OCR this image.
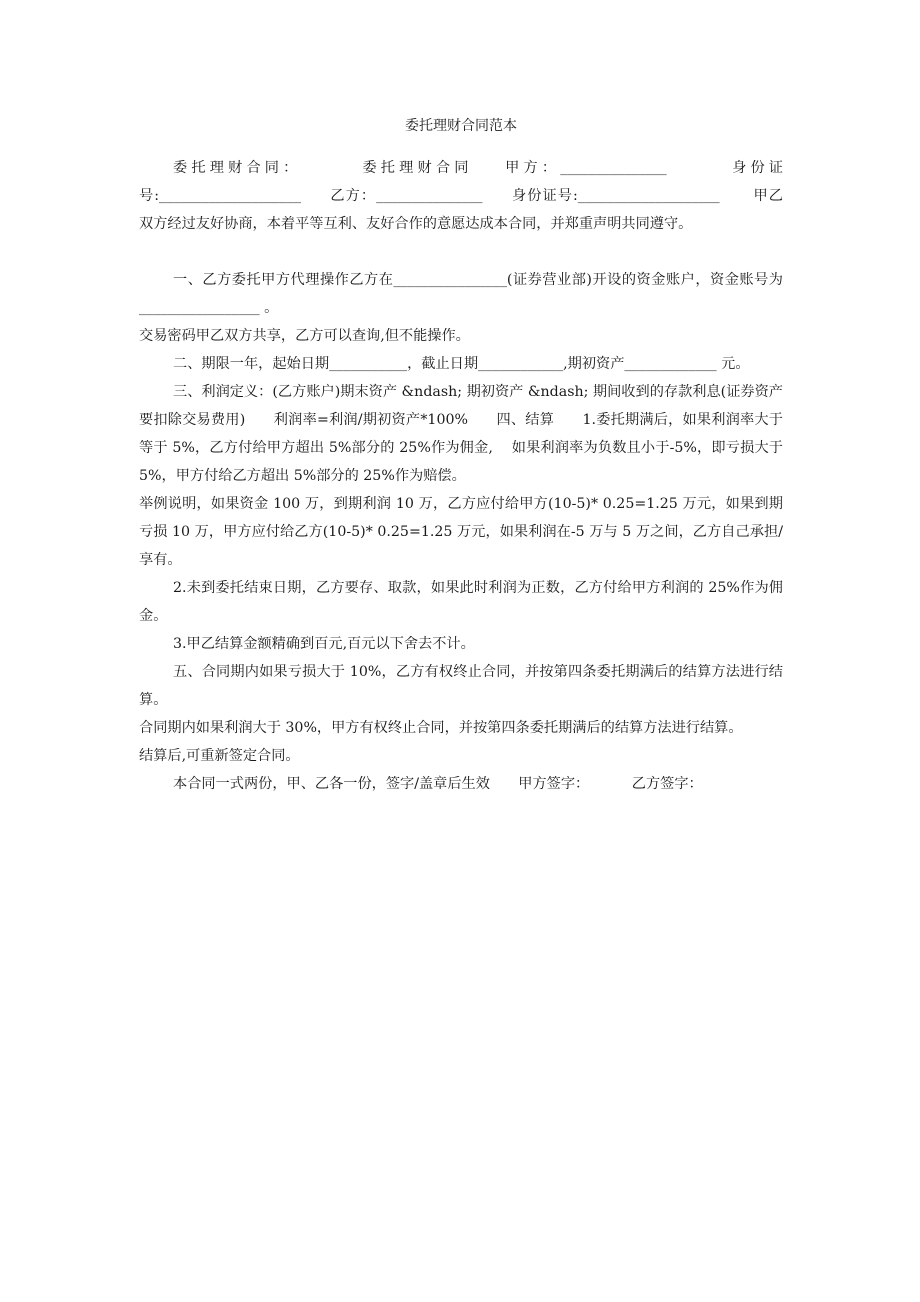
委托理财合同范本

委托理财合同：    委托理财合同  甲方：_______________     身份证号:____________________  乙方：_______________  身份证号:____________________   甲乙双方经过友好协商，本着平等互利、友好合作的意愿达成本合同，并郑重声明共同遵守。

一、乙方委托甲方代理操作乙方在________________(证券营业部)开设的资金账户，资金账号为_________________ 。

交易密码甲乙双方共享，乙方可以查询,但不能操作。

二、期限一年，起始日期___________，截止日期____________,期初资产_____________ 元。

三、利润定义：(乙方账户)期末资产 &ndash; 期初资产 &ndash; 期间收到的存款利息(证券资产要扣除交易费用)  利润率=利润/期初资产*100%  四、结算  1.委托期满后，如果利润率大于等于 5%，乙方付给甲方超出 5%部分的 25%作为佣金,  如果利润率为负数且小于-5%，即亏损大于 5%，甲方付给乙方超出 5%部分的 25%作为赔偿。

举例说明，如果资金 100 万，到期利润 10 万，乙方应付给甲方(10-5)* 0.25=1.25 万元，如果到期亏损 10 万，甲方应付给乙方(10-5)* 0.25=1.25 万元，如果利润在-5 万与 5 万之间，乙方自己承担/享有。

2.未到委托结束日期，乙方要存、取款，如果此时利润为正数，乙方付给甲方利润的 25%作为佣金。

3.甲乙结算金额精确到百元,百元以下舍去不计。

五、合同期内如果亏损大于 10%，乙方有权终止合同，并按第四条委托期满后的结算方法进行结算。

合同期内如果利润大于 30%，甲方有权终止合同，并按第四条委托期满后的结算方法进行结算。

结算后,可重新签定合同。

本合同一式两份，甲、乙各一份，签字/盖章后生效  甲方签字：   乙方签字：
